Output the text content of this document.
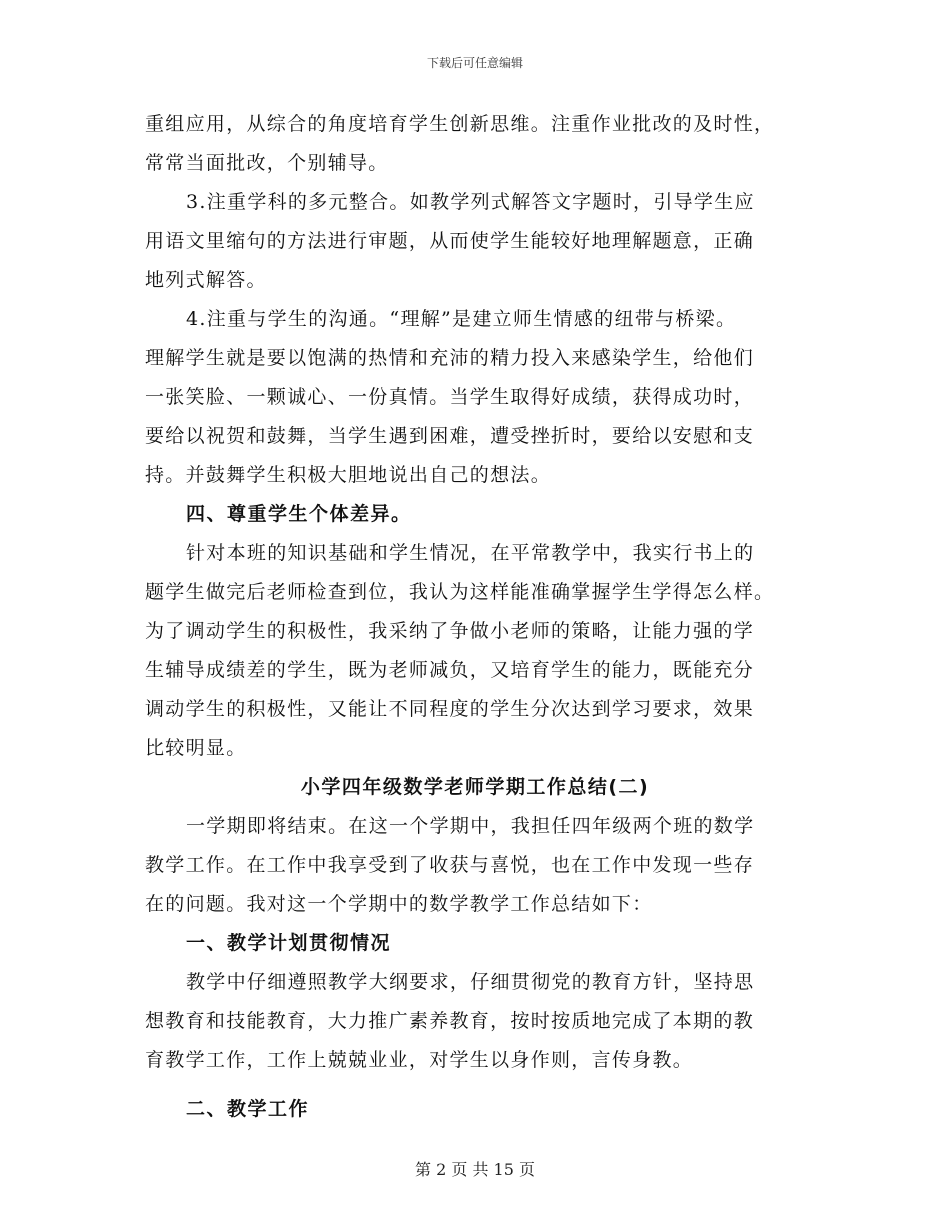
下载后可任意编辑
重组应用，从综合的角度培育学生创新思维。注重作业批改的及时性，
常常当面批改，个别辅导。
3.注重学科的多元整合。如教学列式解答文字题时，引导学生应
用语文里缩句的方法进行审题，从而使学生能较好地理解题意，正确
地列式解答。
4.注重与学生的沟通。“理解”是建立师生情感的纽带与桥梁。
理解学生就是要以饱满的热情和充沛的精力投入来感染学生，给他们
一张笑脸、一颗诚心、一份真情。当学生取得好成绩，获得成功时，
要给以祝贺和鼓舞，当学生遇到困难，遭受挫折时，要给以安慰和支
持。并鼓舞学生积极大胆地说出自己的想法。
四、尊重学生个体差异。
针对本班的知识基础和学生情况，在平常教学中，我实行书上的
题学生做完后老师检查到位，我认为这样能准确掌握学生学得怎么样。
为了调动学生的积极性，我采纳了争做小老师的策略，让能力强的学
生辅导成绩差的学生，既为老师减负，又培育学生的能力，既能充分
调动学生的积极性，又能让不同程度的学生分次达到学习要求，效果
比较明显。
小学四年级数学老师学期工作总结(二)
一学期即将结束。在这一个学期中，我担任四年级两个班的数学
教学工作。在工作中我享受到了收获与喜悦，也在工作中发现一些存
在的问题。我对这一个学期中的数学教学工作总结如下：
一、教学计划贯彻情况
教学中仔细遵照教学大纲要求，仔细贯彻党的教育方针，坚持思
想教育和技能教育，大力推广素养教育，按时按质地完成了本期的教
育教学工作，工作上兢兢业业，对学生以身作则，言传身教。
二、教学工作
第 2 页 共 15 页
